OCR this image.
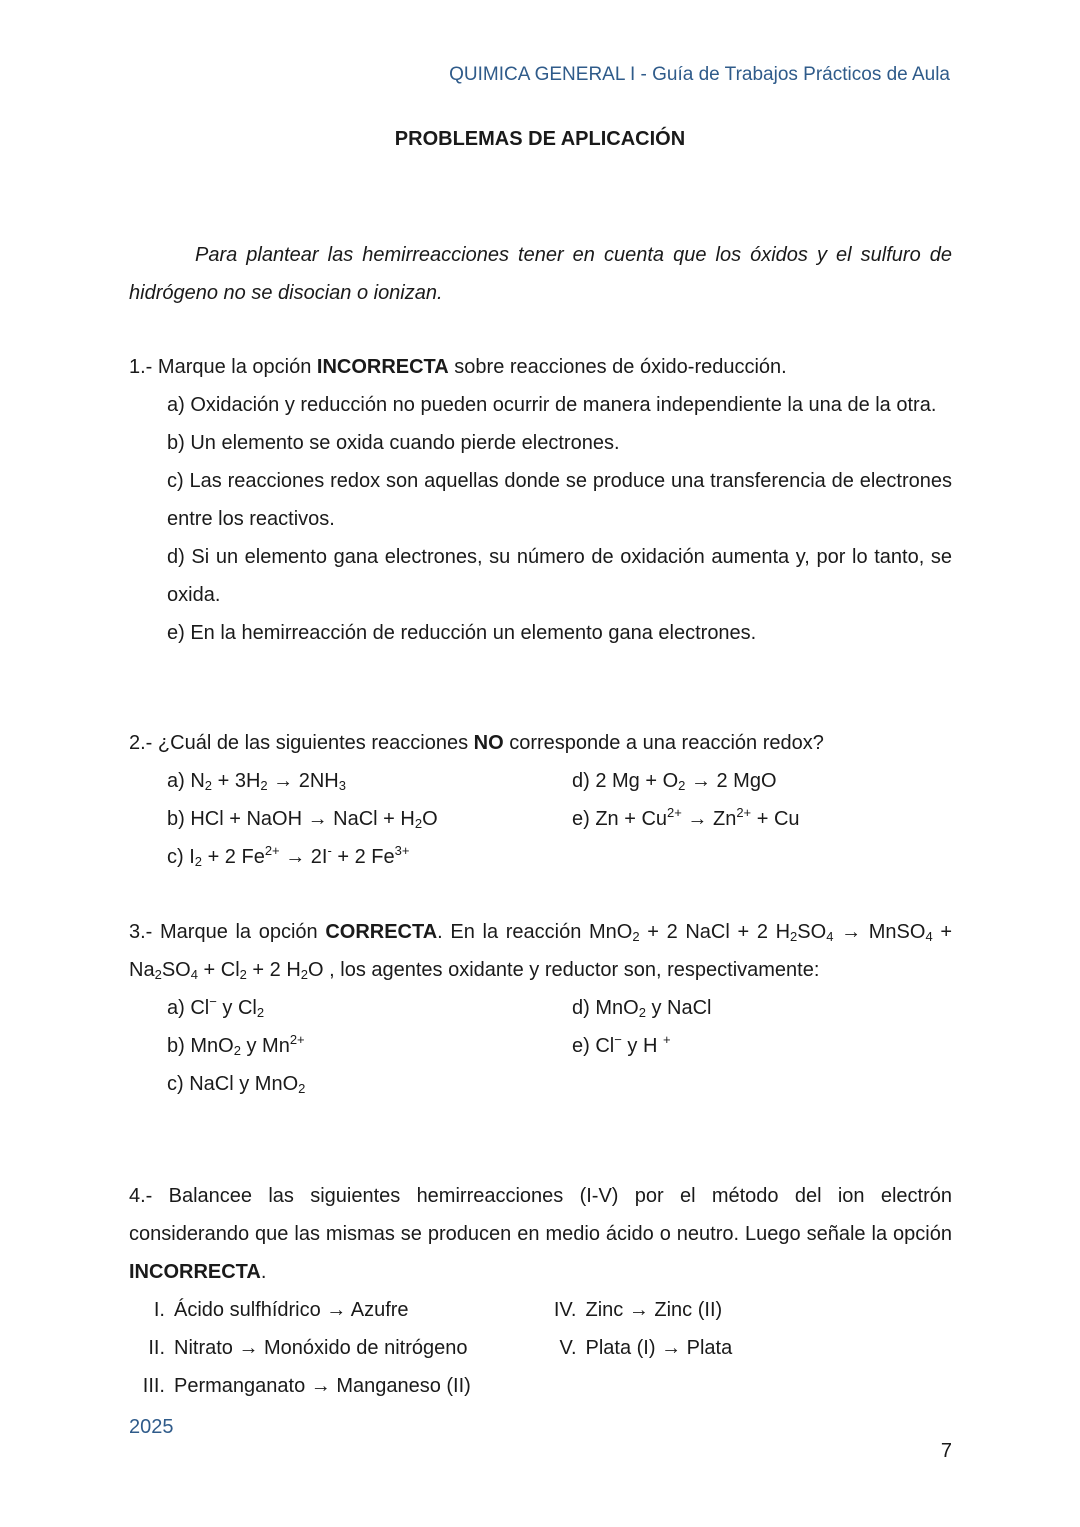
QUIMICA GENERAL I - Guía de Trabajos Prácticos de Aula
PROBLEMAS DE APLICACIÓN
Para plantear las hemirreacciones tener en cuenta que los óxidos y el sulfuro de hidrógeno no se disocian o ionizan.
1.- Marque la opción INCORRECTA sobre reacciones de óxido-reducción.
a) Oxidación y reducción no pueden ocurrir de manera independiente la una de la otra.
b) Un elemento se oxida cuando pierde electrones.
c) Las reacciones redox son aquellas donde se produce una transferencia de electrones entre los reactivos.
d) Si un elemento gana electrones, su número de oxidación aumenta y, por lo tanto, se oxida.
e) En la hemirreacción de reducción un elemento gana electrones.
2.- ¿Cuál de las siguientes reacciones NO corresponde a una reacción redox?
a) $N_2 + 3H_2 \to 2NH_3$	d) 2 $Mg + O_2 \to 2$ MgO
b) HCl + NaOH → NaCl + $H_2O$	e) $Zn + Cu^{2+} \to Zn^{2+} + Cu$
c) $I_2 + 2$ $Fe^{2+} \to 2I^- + 2$ $Fe^{3+}$
3.- Marque la opción CORRECTA. En la reacción MnO$_2$ + 2 NaCl + 2 $H_2SO_4$ → MnSO$_4$ + $Na_2SO_4 + Cl_2 + 2$ $H_2O$ , los agentes oxidante y reductor son, respectivamente:
a) Cl− y $Cl_2$	d) MnO$_2$ y NaCl
b) MnO$_2$ y $Mn^{2+}$	e) Cl− y H +
c) NaCl y MnO$_2$
4.- Balancee las siguientes hemirreacciones (I-V) por el método del ion electrón considerando que las mismas se producen en medio ácido o neutro. Luego señale la opción INCORRECTA.
I. Ácido sulfhídrico → Azufre
II. Nitrato → Monóxido de nitrógeno
III. Permanganato → Manganeso (II)
IV. Zinc → Zinc (II)
V. Plata (I) → Plata
2025
7
